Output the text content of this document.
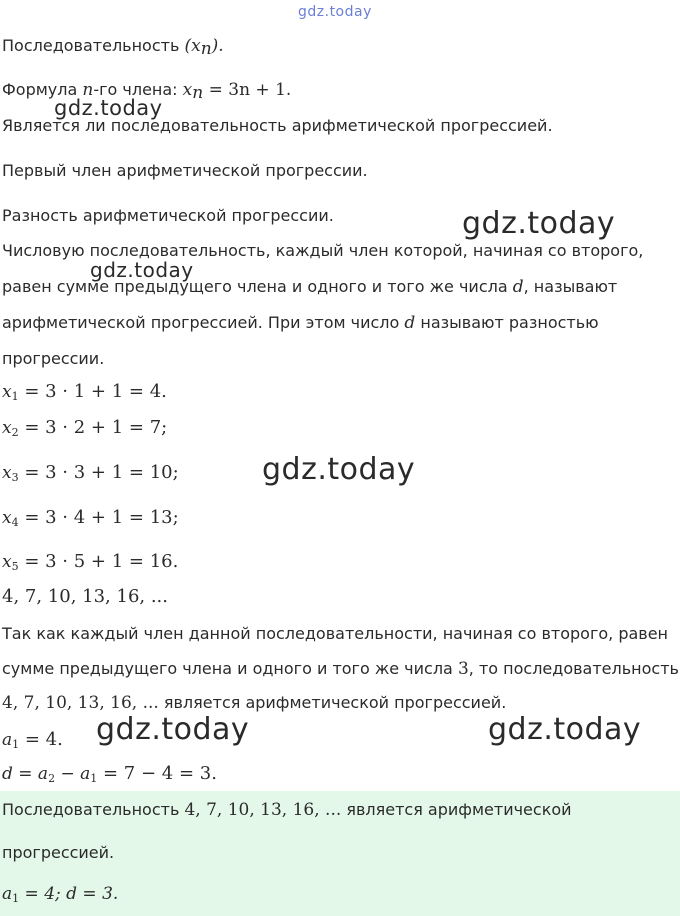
gdz.today
Последовательность $(x_n)$.
Формула n-го члена: $x_n = 3n + 1$.
gdz.today
Является ли последовательность арифметической прогрессией.
Первый член арифметической прогрессии.
Разность арифметической прогрессии.	gdz.today
Числовую последовательность, каждый член которой, начиная со второго,
gdz.today
равен сумме предыдущего члена и одного и того же числа d, называют
арифметической прогрессией. При этом число d называют разностью
прогрессии.
$x_1 = 3 \cdot 1 + 1 = 4$.
$x_2 = 3 \cdot 2 + 1 = 7$;
$x_3 = 3 \cdot 3 + 1 = 10$;	gdz.today
$x_4 = 3 \cdot 4 + 1 = 13$;
$x_5 = 3 \cdot 5 + 1 = 16$.
4, 7, 10, 13, 16, ...
Так как каждый член данной последовательности, начиная со второго, равен
сумме предыдущего члена и одного и того же числа 3, то последовательность
4, 7, 10, 13, 16, ... является арифметической прогрессией.
$a_1 = 4$. gdz.today	gdz.today
$d = a_2 - a_1 = 7 - 4 = 3$.
Последовательность 4, 7, 10, 13, 16, ... является арифметической
прогрессией.
$a_1 = 4$; d = 3.
